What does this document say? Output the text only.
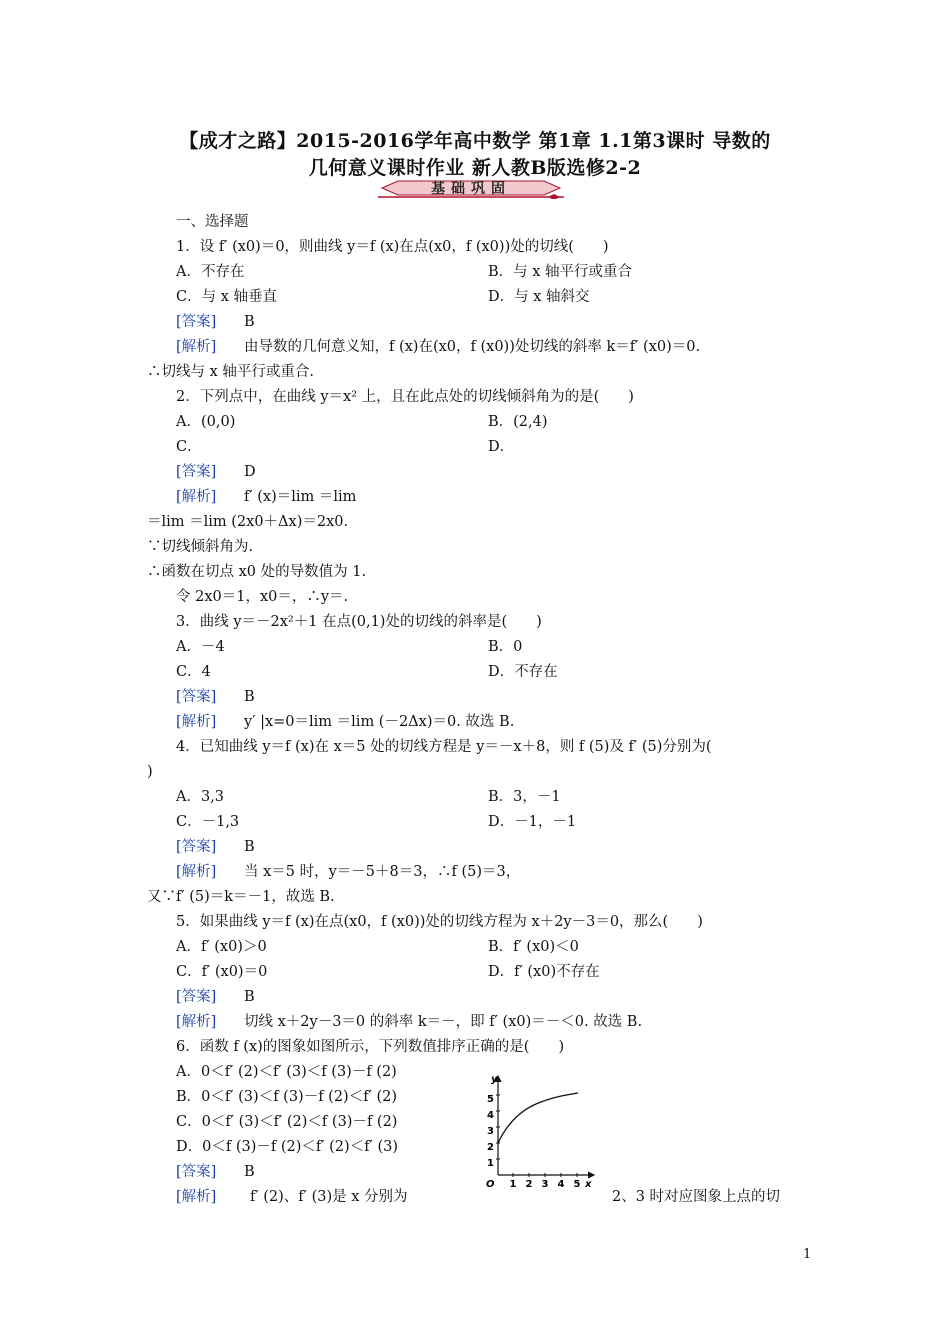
【成才之路】2015-2016学年高中数学 第1章 1.1第3课时 导数的
几何意义课时作业 新人教B版选修2-2
基础巩固
一、选择题
1．设 f′ (x0)＝0，则曲线 y＝f (x)在点(x0，f (x0))处的切线(　　)
A．不存在	B．与 x 轴平行或重合
C．与 x 轴垂直	D．与 x 轴斜交
[答案] B
[解析] 由导数的几何意义知，f (x)在(x0，f (x0))处切线的斜率 k＝f′ (x0)＝0.
∴切线与 x 轴平行或重合.
2．下列点中，在曲线 y＝x² 上，且在此点处的切线倾斜角为的是(　　)
A．(0,0)	B．(2,4)
C．	D．
[答案] D
[解析] f′ (x)＝lim ＝lim
＝lim ＝lim (2x0＋Δx)＝2x0.
∵切线倾斜角为.
∴函数在切点 x0 处的导数值为 1.
令 2x0＝1，x0＝，∴y＝.
3．曲线 y＝－2x²＋1 在点(0,1)处的切线的斜率是(　　)
A．－4	B．0
C．4	D．不存在
[答案] B
[解析] y′ |x=0＝lim ＝lim (－2Δx)＝0. 故选 B.
4．已知曲线 y＝f (x)在 x＝5 处的切线方程是 y＝－x＋8，则 f (5)及 f′ (5)分别为(
)
A．3,3	B．3，－1
C．－1,3	D．－1，－1
[答案] B
[解析] 当 x＝5 时，y＝－5＋8＝3，∴f (5)＝3，
又∵f′ (5)＝k＝－1，故选 B.
5．如果曲线 y＝f (x)在点(x0，f (x0))处的切线方程为 x＋2y－3＝0，那么(　　)
A．f′ (x0)＞0	B．f′ (x0)＜0
C．f′ (x0)＝0	D．f′ (x0)不存在
[答案] B
[解析] 切线 x＋2y－3＝0 的斜率 k＝－，即 f′ (x0)＝－＜0. 故选 B.
6．函数 f (x)的图象如图所示，下列数值排序正确的是(　　)
A．0＜f′ (2)＜f′ (3)＜f (3)－f (2)
B．0＜f′ (3)＜f (3)－f (2)＜f′ (2)
C．0＜f′ (3)＜f′ (2)＜f (3)－f (2)
D．0＜f (3)－f (2)＜f′ (2)＜f′ (3)
[答案] B
[解析] f′ (2)、f′ (3)是 x 分别为	2、3 时对应图象上点的切
y
x
O
1
2
3
4
5
1 2 3 4 5
1
